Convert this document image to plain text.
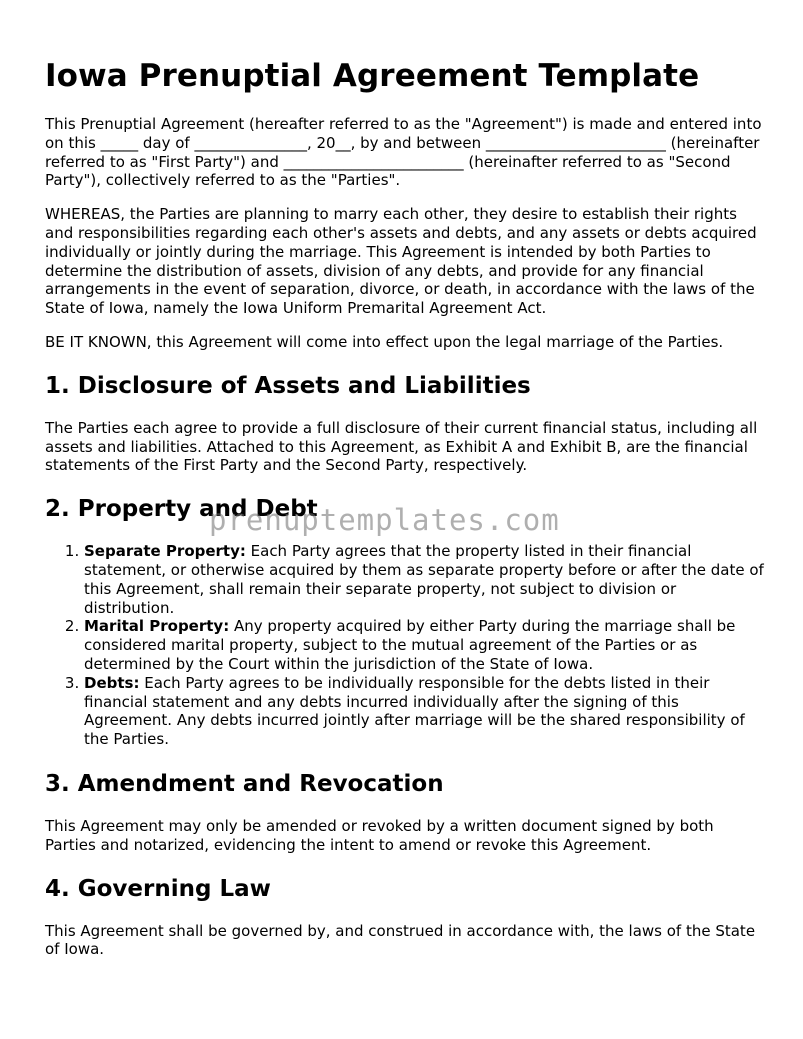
Iowa Prenuptial Agreement Template

This Prenuptial Agreement (hereafter referred to as the "Agreement") is made and entered into on this _____ day of _______________, 20__, by and between ________________________ (hereinafter referred to as "First Party") and ________________________ (hereinafter referred to as "Second Party"), collectively referred to as the "Parties".

WHEREAS, the Parties are planning to marry each other, they desire to establish their rights and responsibilities regarding each other's assets and debts, and any assets or debts acquired individually or jointly during the marriage. This Agreement is intended by both Parties to determine the distribution of assets, division of any debts, and provide for any financial arrangements in the event of separation, divorce, or death, in accordance with the laws of the State of Iowa, namely the Iowa Uniform Premarital Agreement Act.

BE IT KNOWN, this Agreement will come into effect upon the legal marriage of the Parties.

1. Disclosure of Assets and Liabilities

The Parties each agree to provide a full disclosure of their current financial status, including all assets and liabilities. Attached to this Agreement, as Exhibit A and Exhibit B, are the financial statements of the First Party and the Second Party, respectively.

2. Property and Debt
1. Separate Property: Each Party agrees that the property listed in their financial statement, or otherwise acquired by them as separate property before or after the date of this Agreement, shall remain their separate property, not subject to division or distribution.
2. Marital Property: Any property acquired by either Party during the marriage shall be considered marital property, subject to the mutual agreement of the Parties or as determined by the Court within the jurisdiction of the State of Iowa.
3. Debts: Each Party agrees to be individually responsible for the debts listed in their financial statement and any debts incurred individually after the signing of this Agreement. Any debts incurred jointly after marriage will be the shared responsibility of the Parties.
3. Amendment and Revocation

This Agreement may only be amended or revoked by a written document signed by both Parties and notarized, evidencing the intent to amend or revoke this Agreement.

4. Governing Law

This Agreement shall be governed by, and construed in accordance with, the laws of the State of Iowa.

prenuptemplates.com
